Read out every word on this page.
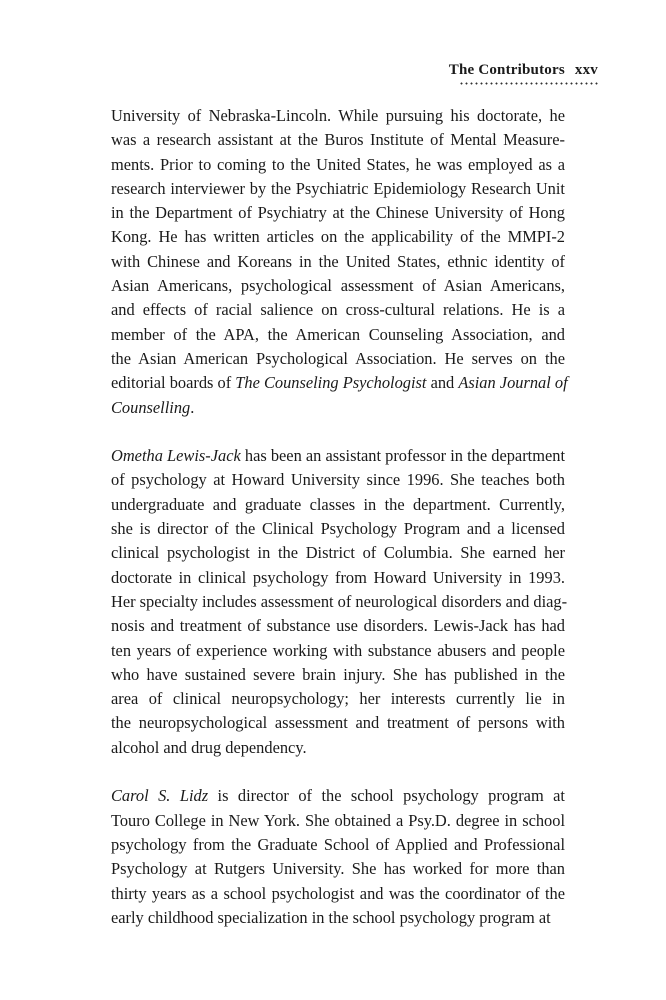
The Contributors xxv
University of Nebraska-Lincoln. While pursuing his doctorate, he
was a research assistant at the Buros Institute of Mental Measure-
ments. Prior to coming to the United States, he was employed as a
research interviewer by the Psychiatric Epidemiology Research Unit
in the Department of Psychiatry at the Chinese University of Hong
Kong. He has written articles on the applicability of the MMPI-2
with Chinese and Koreans in the United States, ethnic identity of
Asian Americans, psychological assessment of Asian Americans,
and effects of racial salience on cross-cultural relations. He is a
member of the APA, the American Counseling Association, and
the Asian American Psychological Association. He serves on the
editorial boards of The Counseling Psychologist and Asian Journal of
Counselling.
Ometha Lewis-Jack has been an assistant professor in the department
of psychology at Howard University since 1996. She teaches both
undergraduate and graduate classes in the department. Currently,
she is director of the Clinical Psychology Program and a licensed
clinical psychologist in the District of Columbia. She earned her
doctorate in clinical psychology from Howard University in 1993.
Her specialty includes assessment of neurological disorders and diag-
nosis and treatment of substance use disorders. Lewis-Jack has had
ten years of experience working with substance abusers and people
who have sustained severe brain injury. She has published in the
area of clinical neuropsychology; her interests currently lie in
the neuropsychological assessment and treatment of persons with
alcohol and drug dependency.
Carol S. Lidz is director of the school psychology program at
Touro College in New York. She obtained a Psy.D. degree in school
psychology from the Graduate School of Applied and Professional
Psychology at Rutgers University. She has worked for more than
thirty years as a school psychologist and was the coordinator of the
early childhood specialization in the school psychology program at
